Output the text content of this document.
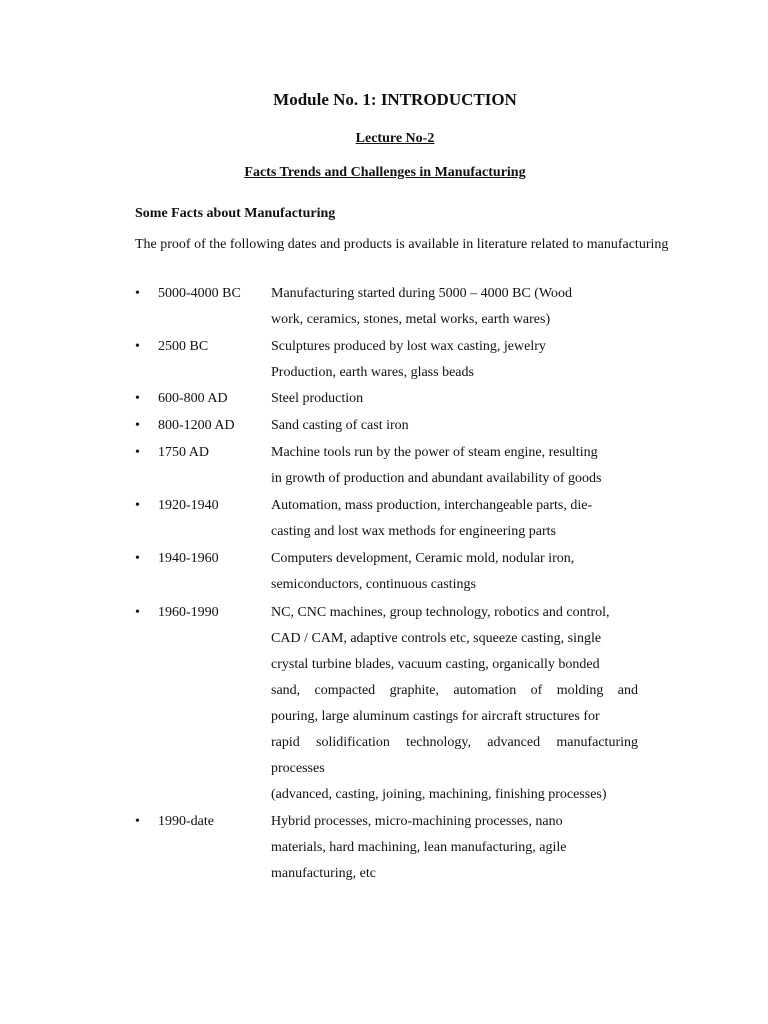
Module No. 1: INTRODUCTION
Lecture No-2
Facts Trends and Challenges in Manufacturing
Some Facts about Manufacturing
The proof of the following dates and products is available in literature related to manufacturing
• 5000-4000 BC Manufacturing started during 5000 – 4000 BC (Wood
work, ceramics, stones, metal works, earth wares)
• 2500 BC	Sculptures produced by lost wax casting, jewelry
Production, earth wares, glass beads
• 600-800 AD	Steel production
• 800-1200 AD	Sand casting of cast iron
• 1750 AD	Machine tools run by the power of steam engine, resulting
in growth of production and abundant availability of goods
• 1920-1940	Automation, mass production, interchangeable parts, die-
casting and lost wax methods for engineering parts
• 1940-1960	Computers development, Ceramic mold, nodular iron,
semiconductors, continuous castings
• 1960-1990	NC, CNC machines, group technology, robotics and control,
CAD / CAM, adaptive controls etc, squeeze casting, single
crystal turbine blades, vacuum casting, organically bonded
sand, compacted graphite, automation of molding and
pouring, large aluminum castings for aircraft structures for
rapid solidification technology, advanced manufacturing
processes
(advanced, casting, joining, machining, finishing processes)
• 1990-date	Hybrid processes, micro-machining processes, nano
materials, hard machining, lean manufacturing, agile
manufacturing, etc
